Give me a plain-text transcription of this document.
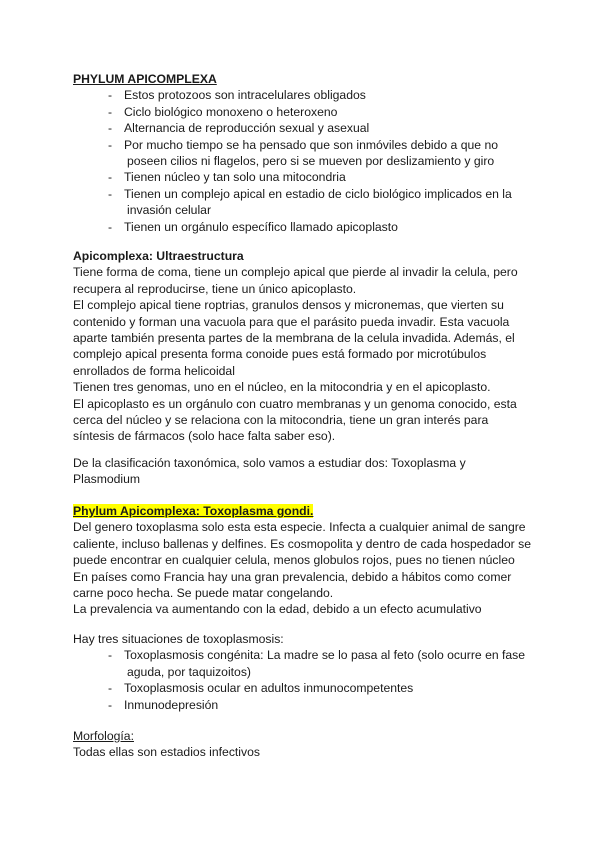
PHYLUM APICOMPLEXA

- Estos protozoos son intracelulares obligados
- Ciclo biológico monoxeno o heteroxeno
- Alternancia de reproducción sexual y asexual
- Por mucho tiempo se ha pensado que son inmóviles debido a que no
poseen cilios ni flagelos, pero si se mueven por deslizamiento y giro
- Tienen núcleo y tan solo una mitocondria
- Tienen un complejo apical en estadio de ciclo biológico implicados en la
invasión celular
- Tienen un orgánulo específico llamado apicoplasto

Apicomplexa: Ultraestructura

Tiene forma de coma, tiene un complejo apical que pierde al invadir la celula, pero

recupera al reproducirse, tiene un único apicoplasto.

El complejo apical tiene roptrias, granulos densos y micronemas, que vierten su

contenido y forman una vacuola para que el parásito pueda invadir. Esta vacuola

aparte también presenta partes de la membrana de la celula invadida. Además, el

complejo apical presenta forma conoide pues está formado por microtúbulos

enrollados de forma helicoidal

Tienen tres genomas, uno en el núcleo, en la mitocondria y en el apicoplasto.

El apicoplasto es un orgánulo con cuatro membranas y un genoma conocido, esta

cerca del núcleo y se relaciona con la mitocondria, tiene un gran interés para

síntesis de fármacos (solo hace falta saber eso).

De la clasificación taxonómica, solo vamos a estudiar dos: Toxoplasma y

Plasmodium

Phylum Apicomplexa: Toxoplasma gondi.

Del genero toxoplasma solo esta esta especie. Infecta a cualquier animal de sangre

caliente, incluso ballenas y delfines. Es cosmopolita y dentro de cada hospedador se

puede encontrar en cualquier celula, menos globulos rojos, pues no tienen núcleo

En países como Francia hay una gran prevalencia, debido a hábitos como comer

carne poco hecha. Se puede matar congelando.

La prevalencia va aumentando con la edad, debido a un efecto acumulativo

Hay tres situaciones de toxoplasmosis:

- Toxoplasmosis congénita: La madre se lo pasa al feto (solo ocurre en fase
aguda, por taquizoitos)
- Toxoplasmosis ocular en adultos inmunocompetentes
- Inmunodepresión

Morfología:

Todas ellas son estadios infectivos
